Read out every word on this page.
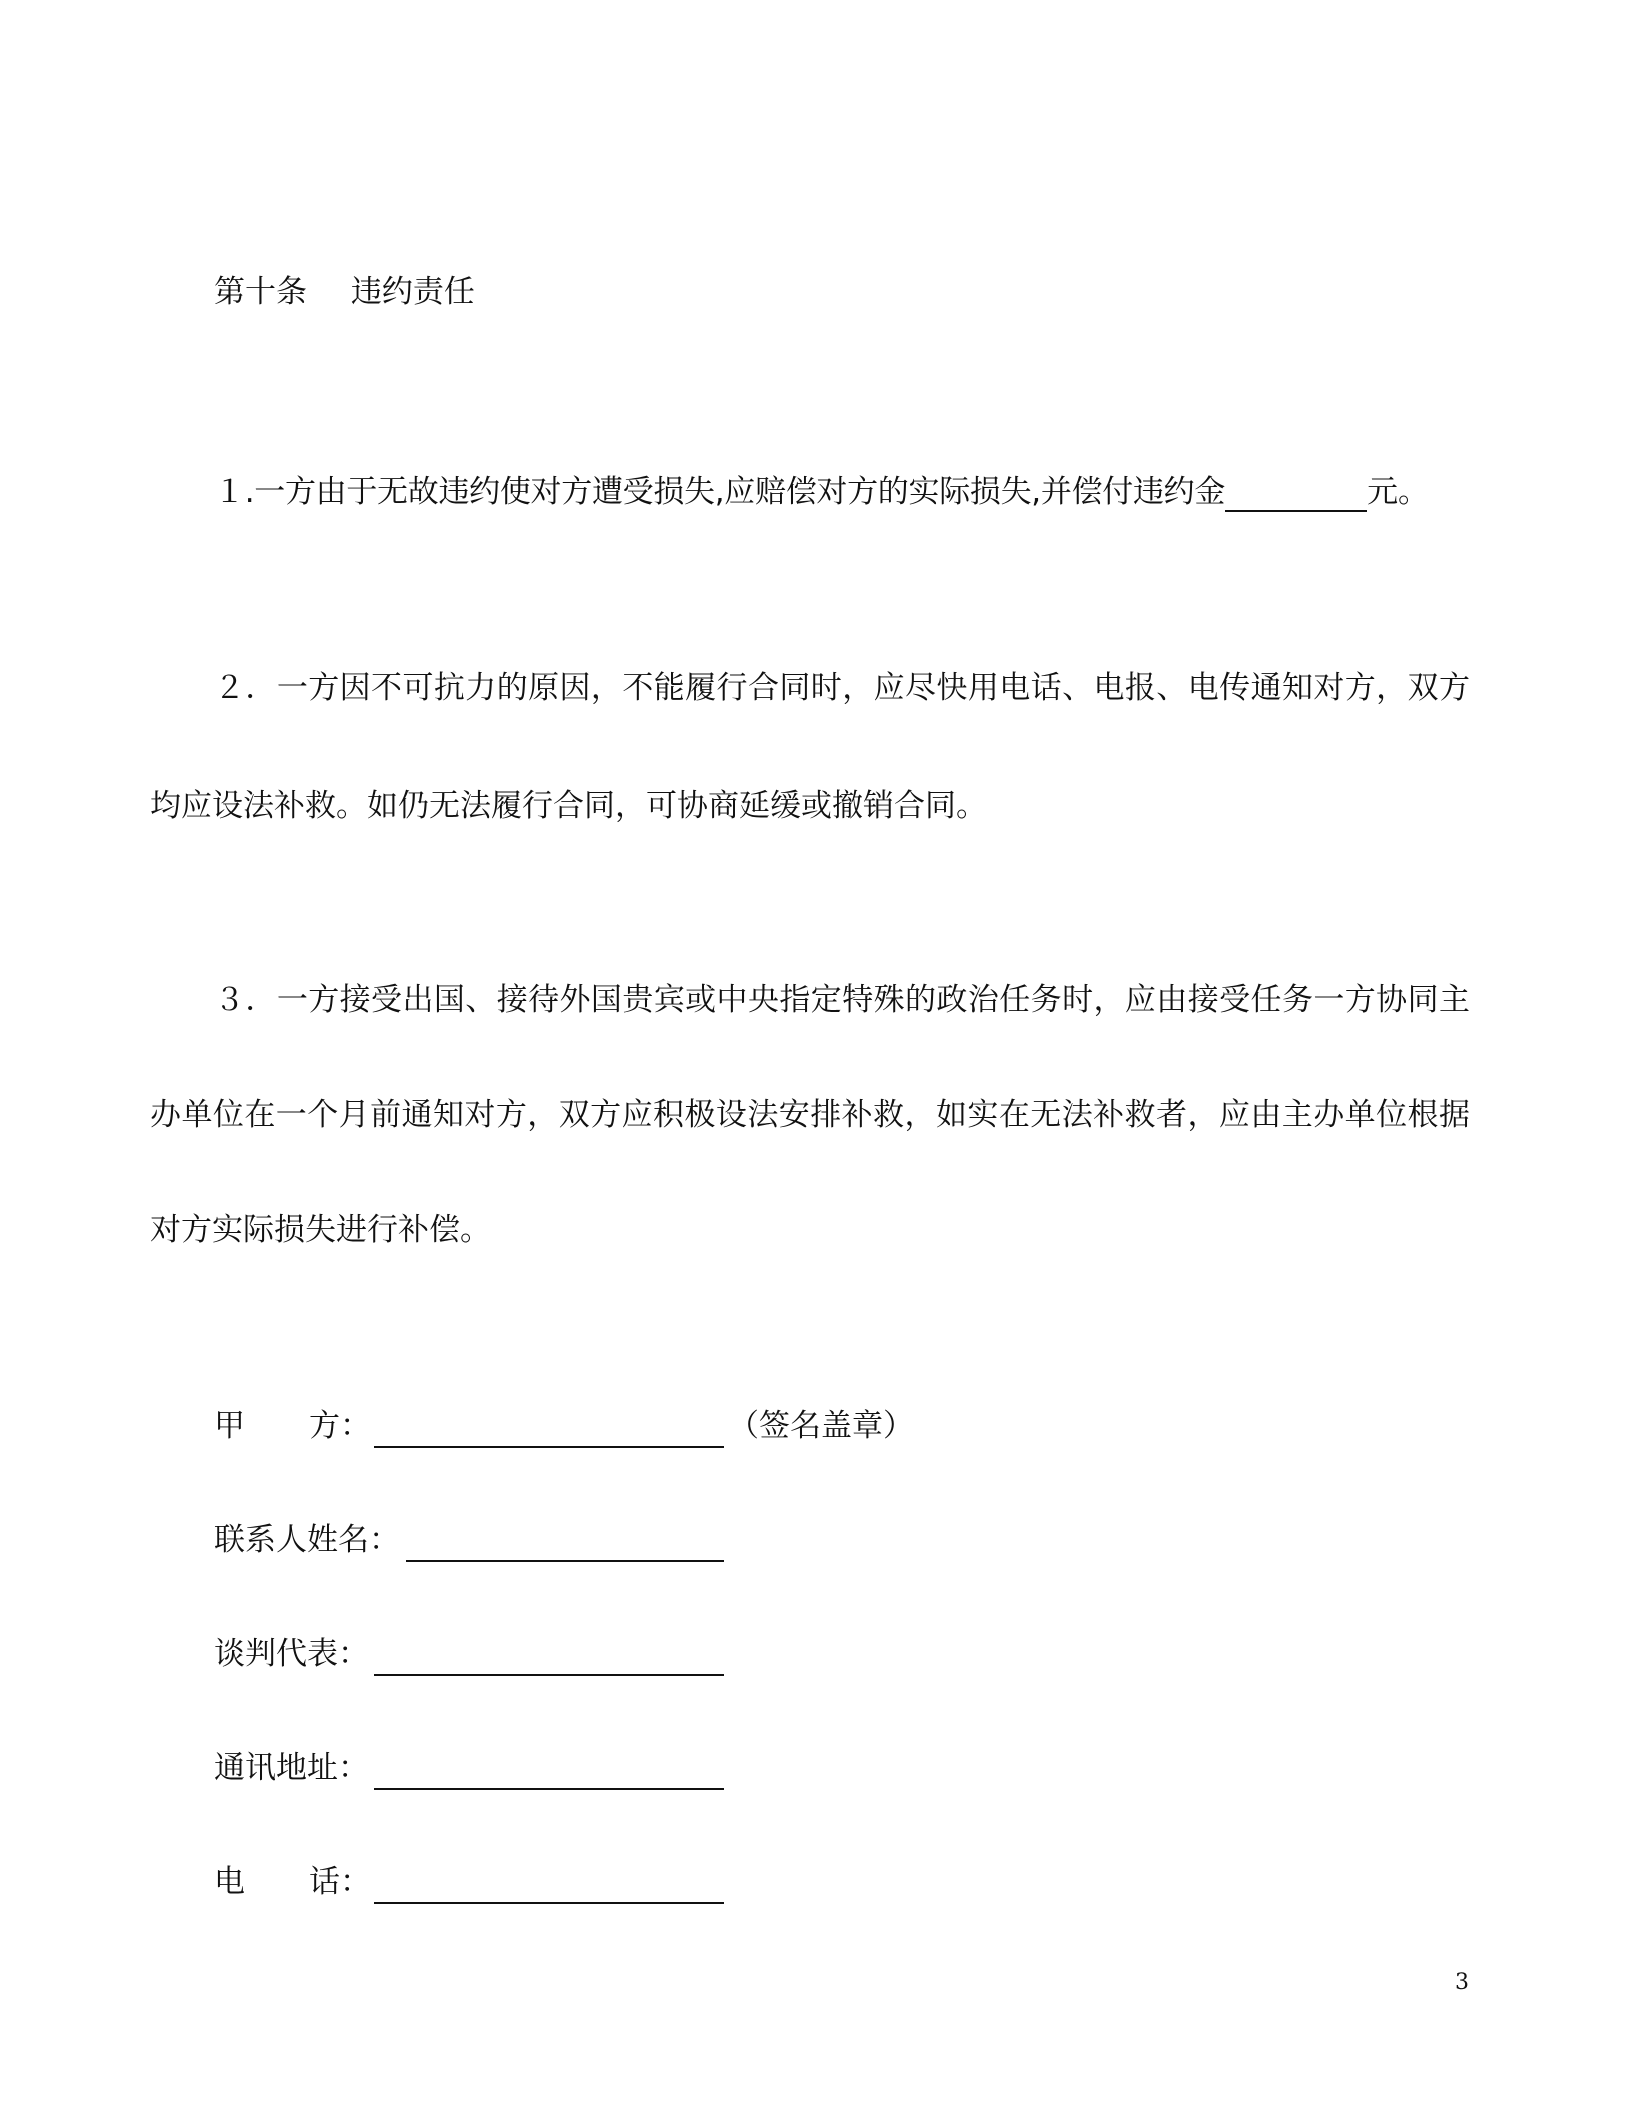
第十条 违约责任
１.一方由于无故违约使对方遭受损失,应赔偿对方的实际损失,并偿付违约金	元。
２．一方因不可抗力的原因，不能履行合同时，应尽快用电话、电报、电传通知对方，双方
均应设法补救。如仍无法履行合同，可协商延缓或撤销合同。
３．一方接受出国、接待外国贵宾或中央指定特殊的政治任务时，应由接受任务一方协同主
办单位在一个月前通知对方，双方应积极设法安排补救，如实在无法补救者，应由主办单位根据
对方实际损失进行补偿。
甲 方：	（签名盖章）
联系人姓名：
谈判代表：
通讯地址：
电 话：
3
